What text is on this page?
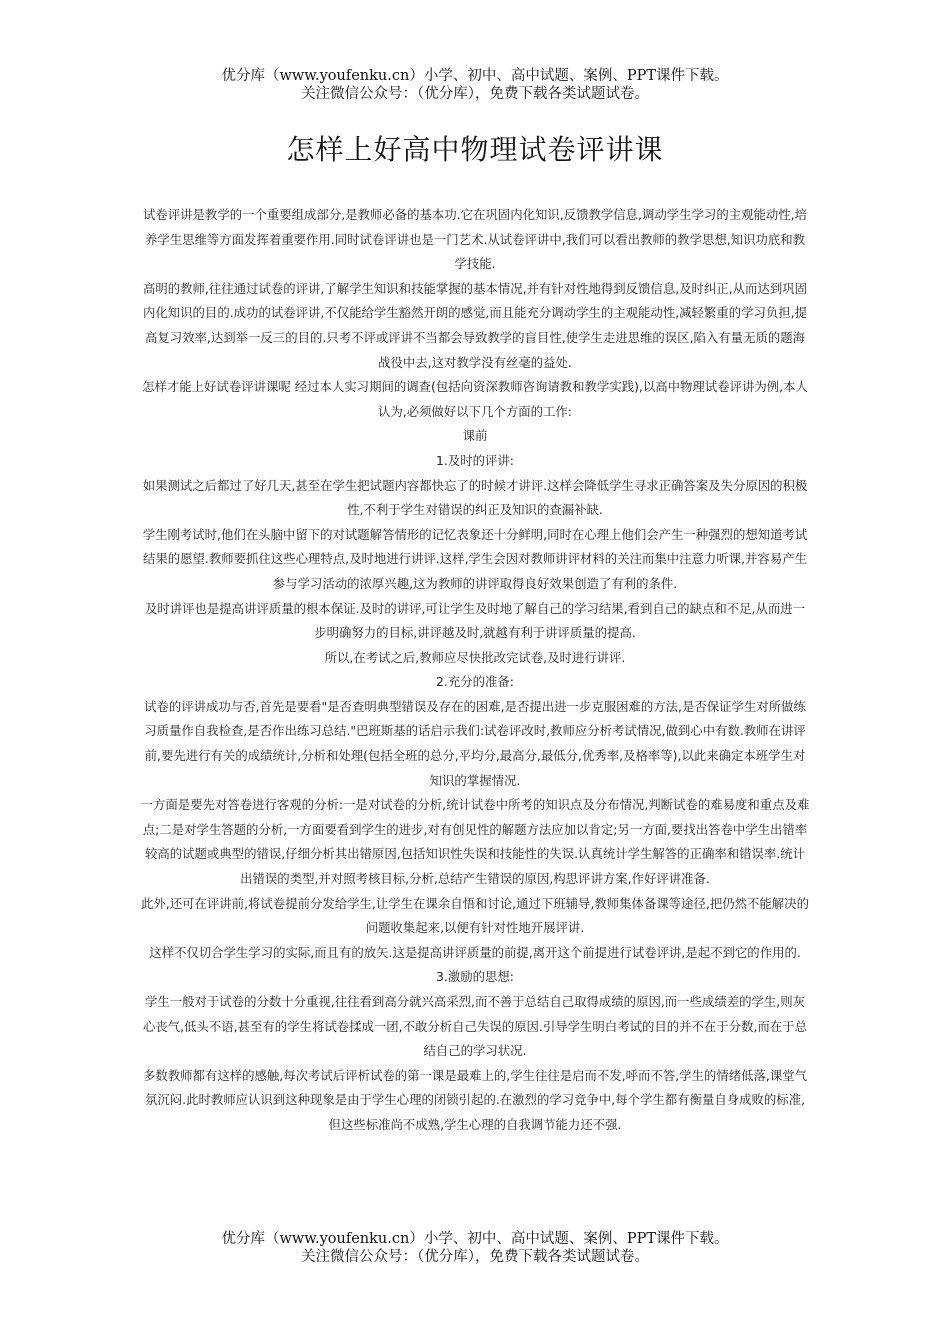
优分库（www.youfenku.cn）小学、初中、高中试题、案例、PPT课件下载。
关注微信公众号：（优分库），免费下载各类试题试卷。
怎样上好高中物理试卷评讲课

试卷评讲是教学的一个重要组成部分,是教师必备的基本功.它在巩固内化知识,反馈教学信息,调动学生学习的主观能动性,培养学生思维等方面发挥着重要作用.同时试卷评讲也是一门艺术.从试卷评讲中,我们可以看出教师的教学思想,知识功底和教学技能.

高明的教师,往往通过试卷的评讲,了解学生知识和技能掌握的基本情况,并有针对性地得到反馈信息,及时纠正,从而达到巩固内化知识的目的.成功的试卷评讲,不仅能给学生豁然开朗的感觉,而且能充分调动学生的主观能动性,减轻繁重的学习负担,提高复习效率,达到举一反三的目的.只考不评或评讲不当都会导致教学的盲目性,使学生走进思维的误区,陷入有量无质的题海战役中去,这对教学没有丝毫的益处.

怎样才能上好试卷评讲课呢 经过本人实习期间的调查(包括向资深教师咨询请教和教学实践),以高中物理试卷评讲为例,本人认为,必须做好以下几个方面的工作:

课前

1.及时的评讲:

如果测试之后都过了好几天,甚至在学生把试题内容都快忘了的时候才讲评.这样会降低学生寻求正确答案及失分原因的积极性,不利于学生对错误的纠正及知识的查漏补缺.

学生刚考试时,他们在头脑中留下的对试题解答情形的记忆表象还十分鲜明,同时在心理上他们会产生一种强烈的想知道考试结果的愿望.教师要抓住这些心理特点,及时地进行讲评.这样,学生会因对教师讲评材料的关注而集中注意力听课,并容易产生参与学习活动的浓厚兴趣,这为教师的讲评取得良好效果创造了有利的条件.

及时讲评也是提高讲评质量的根本保证.及时的讲评,可让学生及时地了解自己的学习结果,看到自己的缺点和不足,从而进一步明确努力的目标,讲评越及时,就越有利于讲评质量的提高.

所以,在考试之后,教师应尽快批改完试卷,及时进行讲评.

2.充分的准备:

试卷的评讲成功与否,首先是要看"是否查明典型错误及存在的困难,是否提出进一步克服困难的方法,是否保证学生对所做练习质量作自我检查,是否作出练习总结."巴班斯基的话启示我们:试卷评改时,教师应分析考试情况,做到心中有数.教师在讲评前,要先进行有关的成绩统计,分析和处理(包括全班的总分,平均分,最高分,最低分,优秀率,及格率等),以此来确定本班学生对知识的掌握情况.

一方面是要先对答卷进行客观的分析:一是对试卷的分析,统计试卷中所考的知识点及分布情况,判断试卷的难易度和重点及难点;二是对学生答题的分析,一方面要看到学生的进步,对有创见性的解题方法应加以肯定;另一方面,要找出答卷中学生出错率较高的试题或典型的错误,仔细分析其出错原因,包括知识性失误和技能性的失误.认真统计学生解答的正确率和错误率.统计出错误的类型,并对照考核目标,分析,总结产生错误的原因,构思评讲方案,作好评讲准备.

此外,还可在评讲前,将试卷提前分发给学生,让学生在课余自悟和讨论,通过下班辅导,教师集体备课等途径,把仍然不能解决的问题收集起来,以便有针对性地开展评讲.

这样不仅切合学生学习的实际,而且有的放矢.这是提高讲评质量的前提,离开这个前提进行试卷评讲,是起不到它的作用的.

3.激励的思想:

学生一般对于试卷的分数十分重视,往往看到高分就兴高采烈,而不善于总结自己取得成绩的原因,而一些成绩差的学生,则灰心丧气,低头不语,甚至有的学生将试卷揉成一团,不敢分析自己失误的原因.引导学生明白考试的目的并不在于分数,而在于总结自己的学习状况.

多数教师都有这样的感触,每次考试后评析试卷的第一课是最难上的,学生往往是启而不发,呼而不答,学生的情绪低落,课堂气氛沉闷.此时教师应认识到这种现象是由于学生心理的闭锁引起的.在激烈的学习竞争中,每个学生都有衡量自身成败的标准,但这些标准尚不成熟,学生心理的自我调节能力还不强.

优分库（www.youfenku.cn）小学、初中、高中试题、案例、PPT课件下载。
关注微信公众号：（优分库），免费下载各类试题试卷。
